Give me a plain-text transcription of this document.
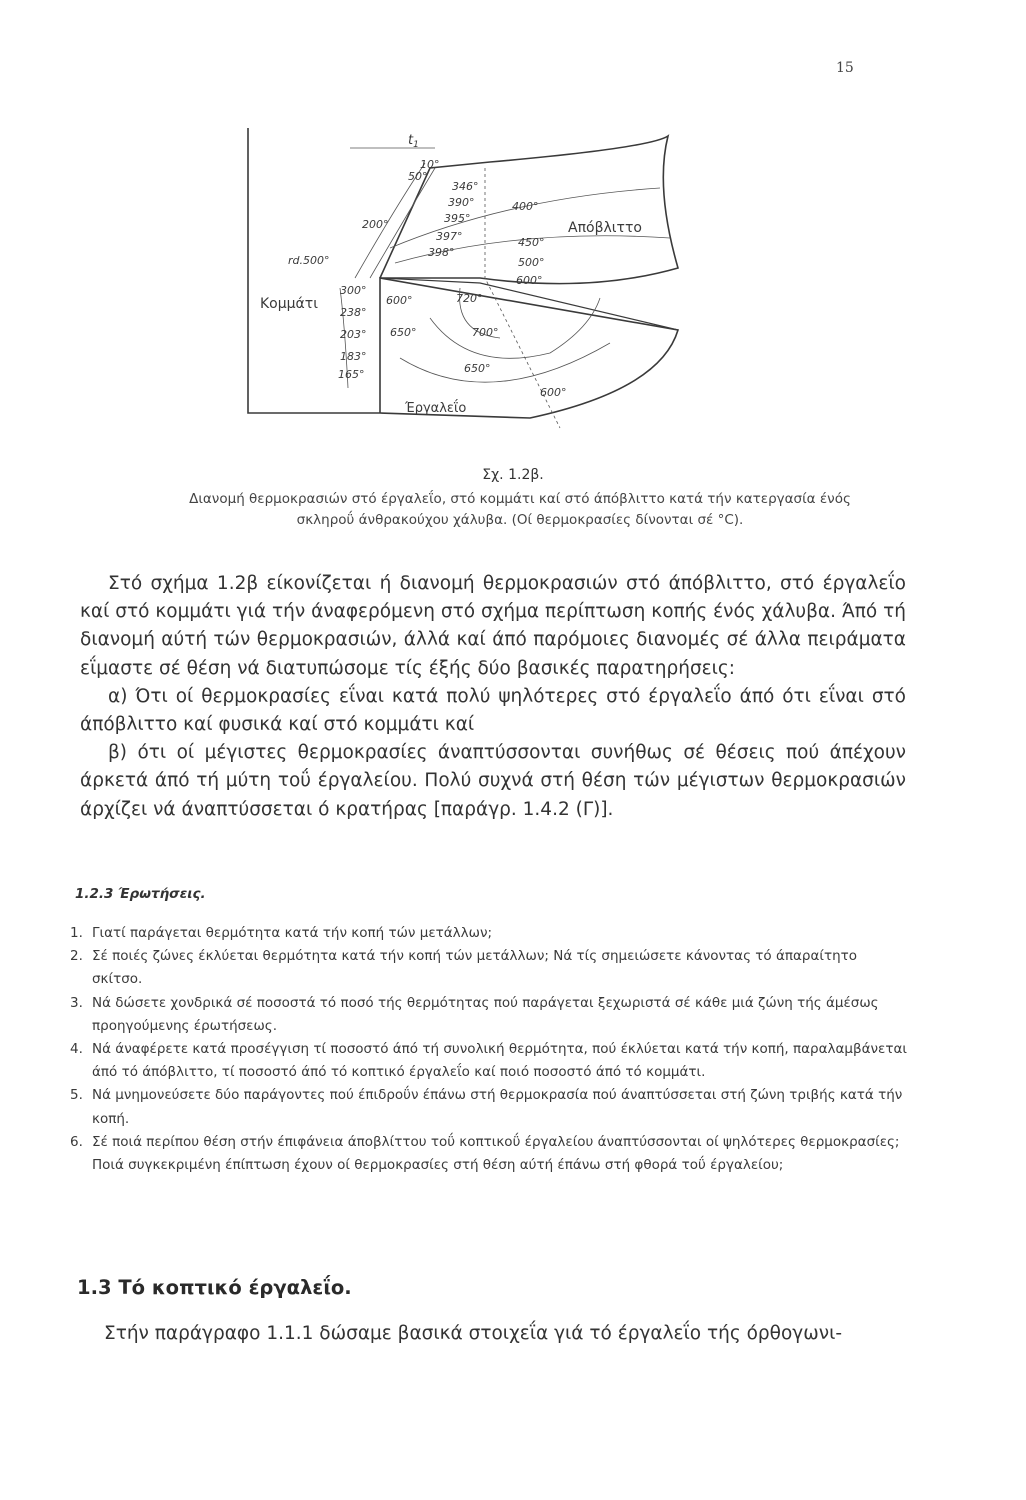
15
$t_1$
Κομμάτι
Απόβλιττο
Έργαλεΐο
rd.500°
346°
390°
395°
397°
398°
50°
10°
200°
400°
450°
500°
600°
300°
238°
203°
183°
165°
600°
650°
720°
700°
650°
600°
Σχ. 1.2β.
Διανομή θερμοκρασιών στό έργαλεΐο, στό κομμάτι καί στό άπόβλιττο κατά τήν κατεργασία ένός
σκληροΰ άνθρακούχου χάλυβα. (Οί θερμοκρασίες δίνονται σέ °C).

Στό σχήμα 1.2β είκονίζεται ή διανομή θερμοκρασιών στό άπόβλιττο, στό έργαλεΐο καί στό κομμάτι γιά τήν άναφερόμενη στό σχήμα περίπτωση κοπής ένός χάλυβα. Άπό τή διανομή αύτή τών θερμοκρασιών, άλλά καί άπό παρόμοιες διανομές σέ άλλα πειράματα εΐμαστε σέ θέση νά διατυπώσομε τίς έξής δύο βασικές παρατηρήσεις:

α) Ότι οί θερμοκρασίες εΐναι κατά πολύ ψηλότερες στό έργαλεΐο άπό ότι εΐναι στό άπόβλιττο καί φυσικά καί στό κομμάτι καί

β) ότι οί μέγιστες θερμοκρασίες άναπτύσσονται συνήθως σέ θέσεις πού άπέχουν άρκετά άπό τή μύτη τοΰ έργαλείου. Πολύ συχνά στή θέση τών μέγιστων θερμοκρασιών άρχίζει νά άναπτύσσεται ό κρατήρας [παράγρ. 1.4.2 (Γ)].

1.2.3 Έρωτήσεις.
1. Γιατί παράγεται θερμότητα κατά τήν κοπή τών μετάλλων;
2. Σέ ποιές ζώνες έκλύεται θερμότητα κατά τήν κοπή τών μετάλλων; Νά τίς σημειώσετε κάνοντας τό άπαραίτητο σκίτσο.
3. Νά δώσετε χονδρικά σέ ποσοστά τό ποσό τής θερμότητας πού παράγεται ξεχωριστά σέ κάθε μιά ζώνη τής άμέσως προηγούμενης έρωτήσεως.
4. Νά άναφέρετε κατά προσέγγιση τί ποσοστό άπό τή συνολική θερμότητα, πού έκλύεται κατά τήν κοπή, παραλαμβάνεται άπό τό άπόβλιττο, τί ποσοστό άπό τό κοπτικό έργαλεΐο καί ποιό ποσοστό άπό τό κομμάτι.
5. Νά μνημονεύσετε δύο παράγοντες πού έπιδροΰν έπάνω στή θερμοκρασία πού άναπτύσσεται στή ζώνη τριβής κατά τήν κοπή.
6. Σέ ποιά περίπου θέση στήν έπιφάνεια άποβλίττου τοΰ κοπτικοΰ έργαλείου άναπτύσσονται οί ψηλότερες θερμοκρασίες; Ποιά συγκεκριμένη έπίπτωση έχουν οί θερμοκρασίες στή θέση αύτή έπάνω στή φθορά τοΰ έργαλείου;
1.3 Τό κοπτικό έργαλεΐο.
Στήν παράγραφο 1.1.1 δώσαμε βασικά στοιχεΐα γιά τό έργαλεΐο τής όρθογωνι-
